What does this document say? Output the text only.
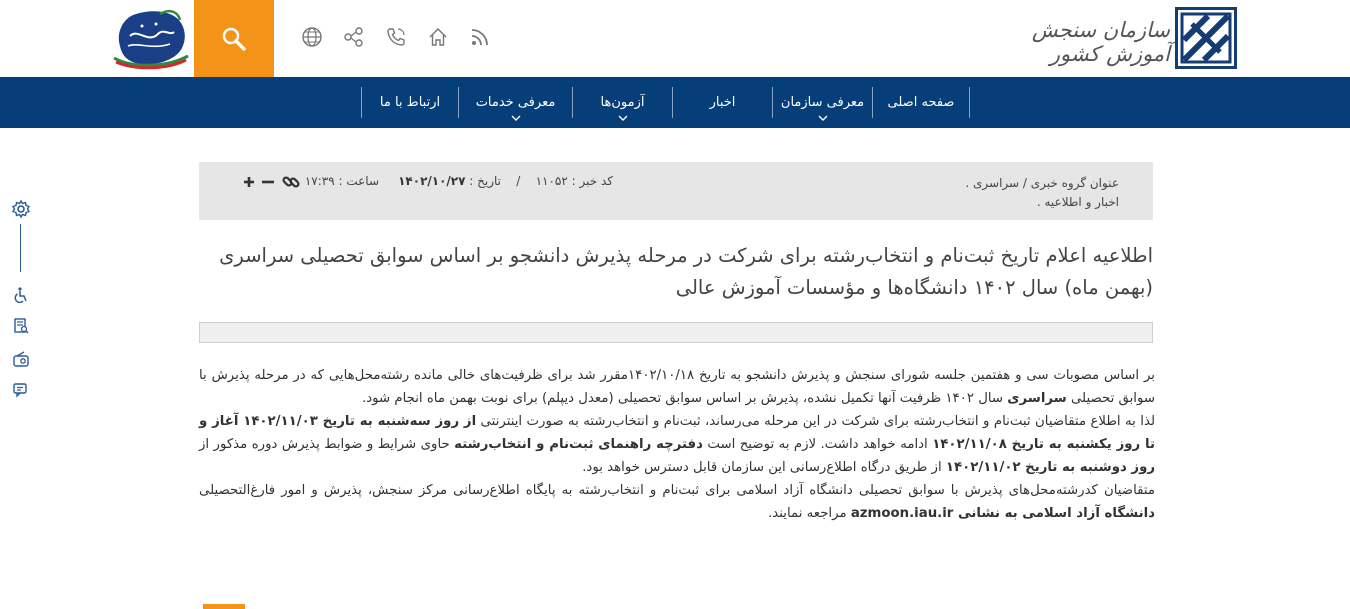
سازمان سنجش آموزش کشور
صفحه اصلی
معرفی سازمان
اخبار
آزمون‌ها
معرفی خدمات
ارتباط با ما
عنوان گروه خبری / سراسری .
اخبار و اطلاعیه .
کد خبر : ۱۱۰۵۲    /    تاریخ : ۱۴۰۲/۱۰/۲۷     ساعت : ۱۷:۳۹
اطلاعیه اعلام تاریخ ثبت‌نام و انتخاب‌رشته برای شرکت در مرحله پذیرش دانشجو بر اساس سوابق تحصیلی سراسری (بهمن ماه) سال ۱۴۰۲ دانشگاه‌ها و مؤسسات آموزش عالی

بر اساس مصوبات سی و هفتمین جلسه شورای سنجش و پذیرش دانشجو به تاریخ ۱۴۰۲/۱۰/۱۸مقرر شد برای ظرفیت‌های خالی مانده رشته‌محل‌هایی که در مرحله پذیرش با سوابق تحصیلی سراسری سال ۱۴۰۲ ظرفیت آنها تکمیل نشده، پذیرش بر اساس سوابق تحصیلی (معدل دیپلم) برای نوبت بهمن ماه انجام شود.

لذا به اطلاع متقاضیان ثبت‌نام و انتخاب‌رشته برای شرکت در این مرحله می‌رساند، ثبت‌نام و انتخاب‌رشته به صورت اینترنتی از روز سه‌شنبه به تاریخ ۱۴۰۲/۱۱/۰۳ آغاز و تا روز یکشنبه به تاریخ ۱۴۰۲/۱۱/۰۸ ادامه خواهد داشت. لازم به توضیح است دفترچه راهنمای ثبت‌نام و انتخاب‌رشته حاوی شرایط و ضوابط پذیرش دوره مذکور از روز دوشنبه به تاریخ ۱۴۰۲/۱۱/۰۲ از طریق درگاه اطلاع‌رسانی این سازمان قابل دسترس خواهد بود.

متقاضیان کدرشته‌محل‌های پذیرش با سوابق تحصیلی دانشگاه آزاد اسلامی برای ثبت‌نام و انتخاب‌رشته به پایگاه اطلاع‌رسانی مرکز سنجش، پذیرش و امور فارغ‌التحصیلی دانشگاه آزاد اسلامی به نشانی azmoon.iau.ir مراجعه نمایند.
